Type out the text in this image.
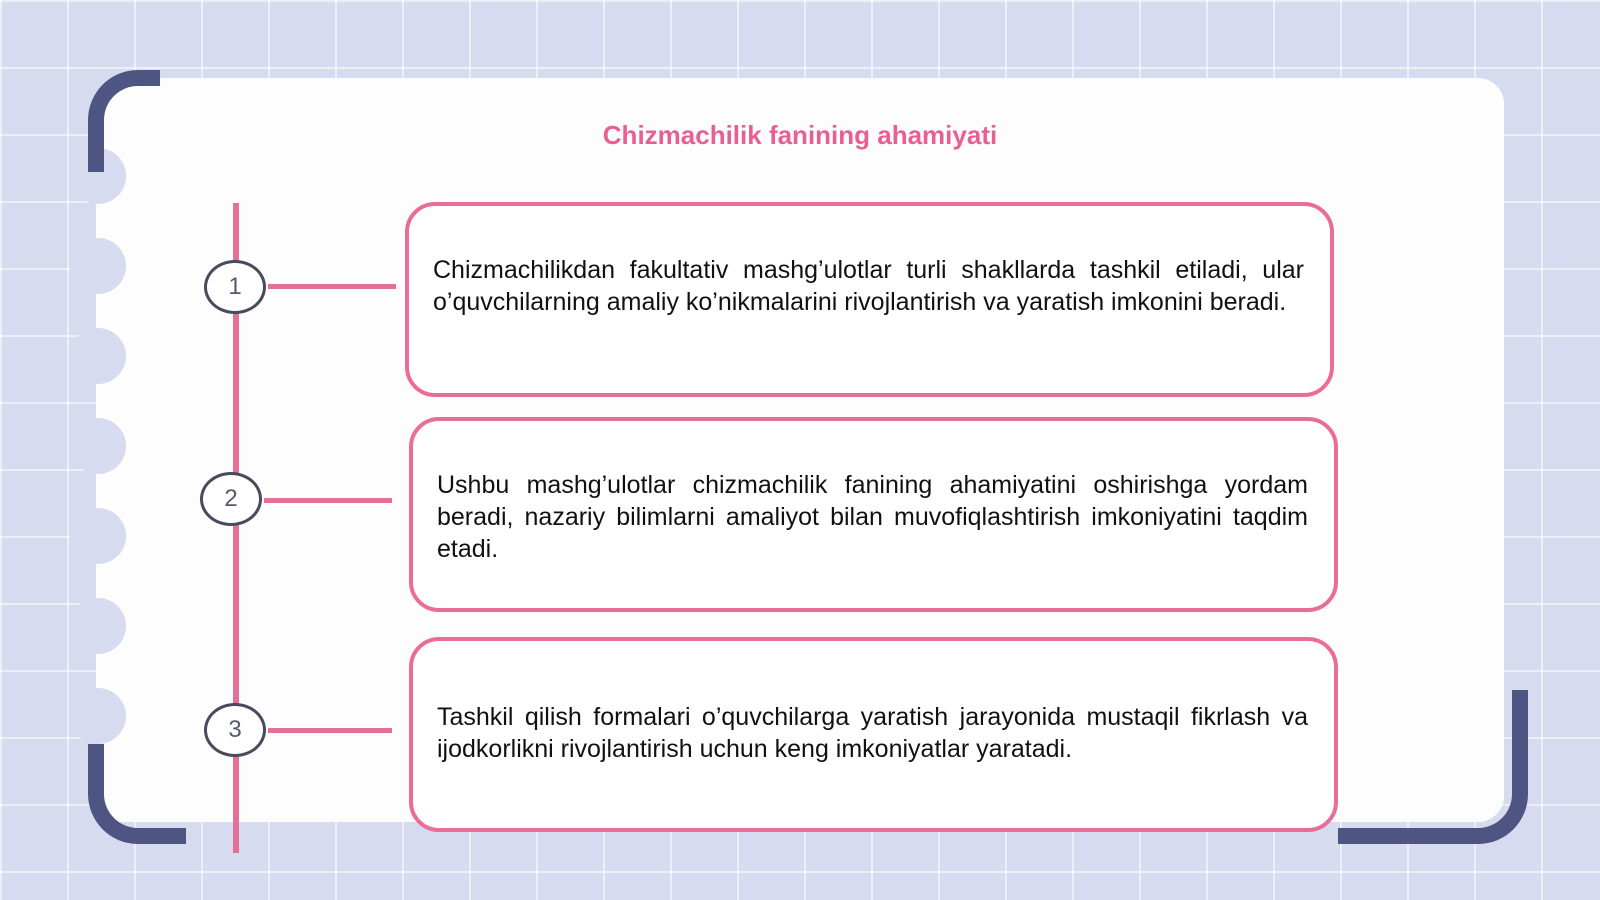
Chizmachilik fanining ahamiyati
1
2
3

Chizmachilikdan fakultativ mashg’ulotlar turli shakllarda tashkil etiladi, ular o’quvchilarning amaliy ko’nikmalarini rivojlantirish va yaratish imkonini beradi.

Ushbu mashg’ulotlar chizmachilik fanining ahamiyatini oshirishga yordam beradi, nazariy bilimlarni amaliyot bilan muvofiqlashtirish imkoniyatini taqdim etadi.

Tashkil qilish formalari o’quvchilarga yaratish jarayonida mustaqil fikrlash va ijodkorlikni rivojlantirish uchun keng imkoniyatlar yaratadi.
